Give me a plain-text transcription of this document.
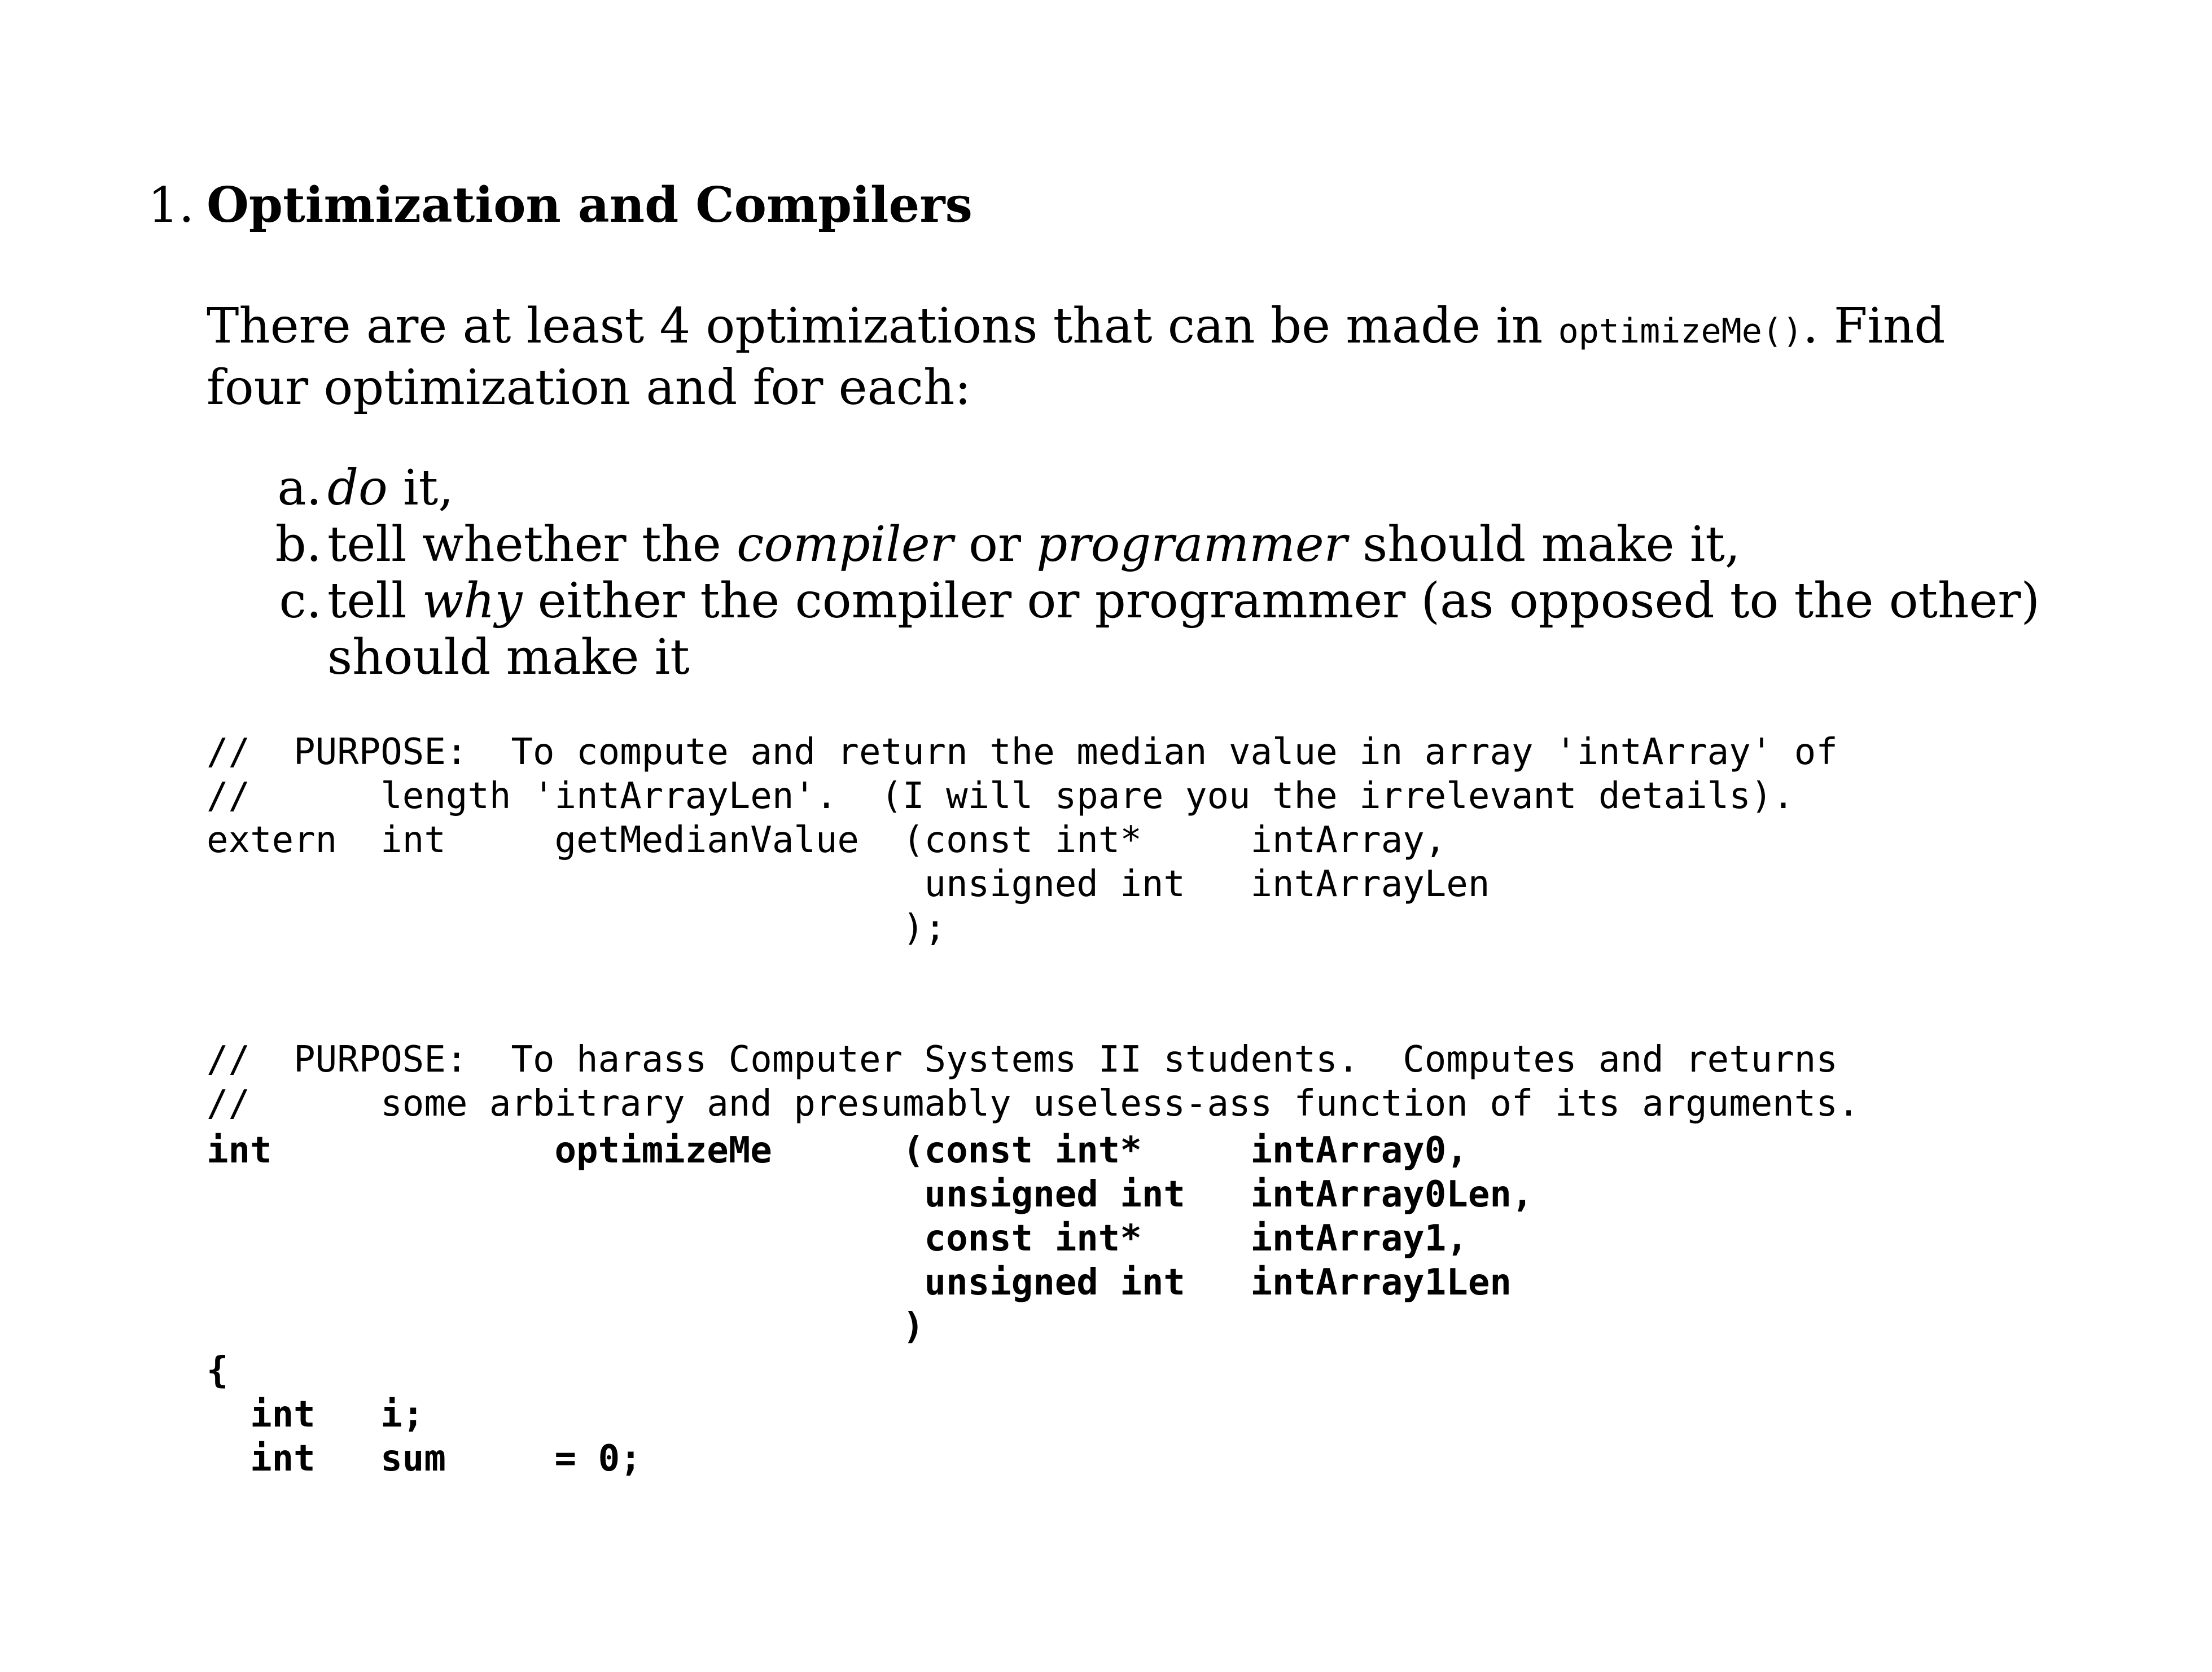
1. Optimization and Compilers
There are at least 4 optimizations that can be made in optimizeMe(). Find
four optimization and for each:
a. do it,
b. tell whether the compiler or programmer should make it,
c. tell why either the compiler or programmer (as opposed to the other)
should make it
//  PURPOSE:  To compute and return the median value in array 'intArray' of
//      length 'intArrayLen'.  (I will spare you the irrelevant details).
extern  int     getMedianValue  (const int*     intArray,
unsigned int   intArrayLen
);
//  PURPOSE:  To harass Computer Systems II students.  Computes and returns
//      some arbitrary and presumably useless-ass function of its arguments.
int             optimizeMe      (const int*     intArray0,
unsigned int   intArray0Len,
const int*     intArray1,
unsigned int   intArray1Len
)
{
int   i;
int   sum     = 0;
